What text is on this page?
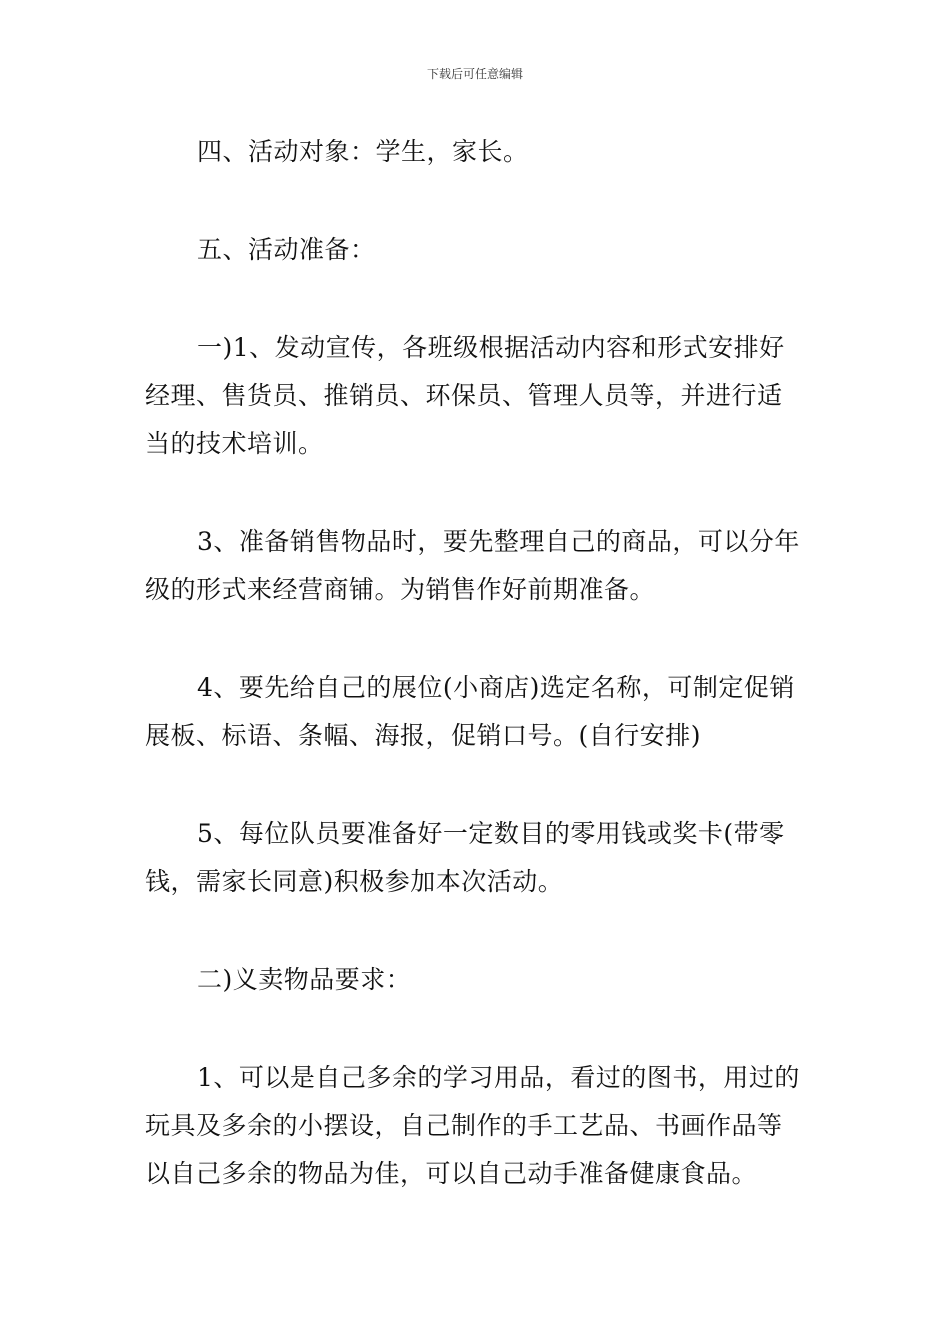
下载后可任意编辑

四、活动对象：学生，家长。

五、活动准备：

一)1、发动宣传，各班级根据活动内容和形式安排好
经理、售货员、推销员、环保员、管理人员等，并进行适
当的技术培训。

3、准备销售物品时，要先整理自己的商品，可以分年
级的形式来经营商铺。为销售作好前期准备。

4、要先给自己的展位(小商店)选定名称，可制定促销
展板、标语、条幅、海报，促销口号。(自行安排)

5、每位队员要准备好一定数目的零用钱或奖卡(带零
钱，需家长同意)积极参加本次活动。

二)义卖物品要求：

1、可以是自己多余的学习用品，看过的图书，用过的
玩具及多余的小摆设，自己制作的手工艺品、书画作品等
以自己多余的物品为佳，可以自己动手准备健康食品。
